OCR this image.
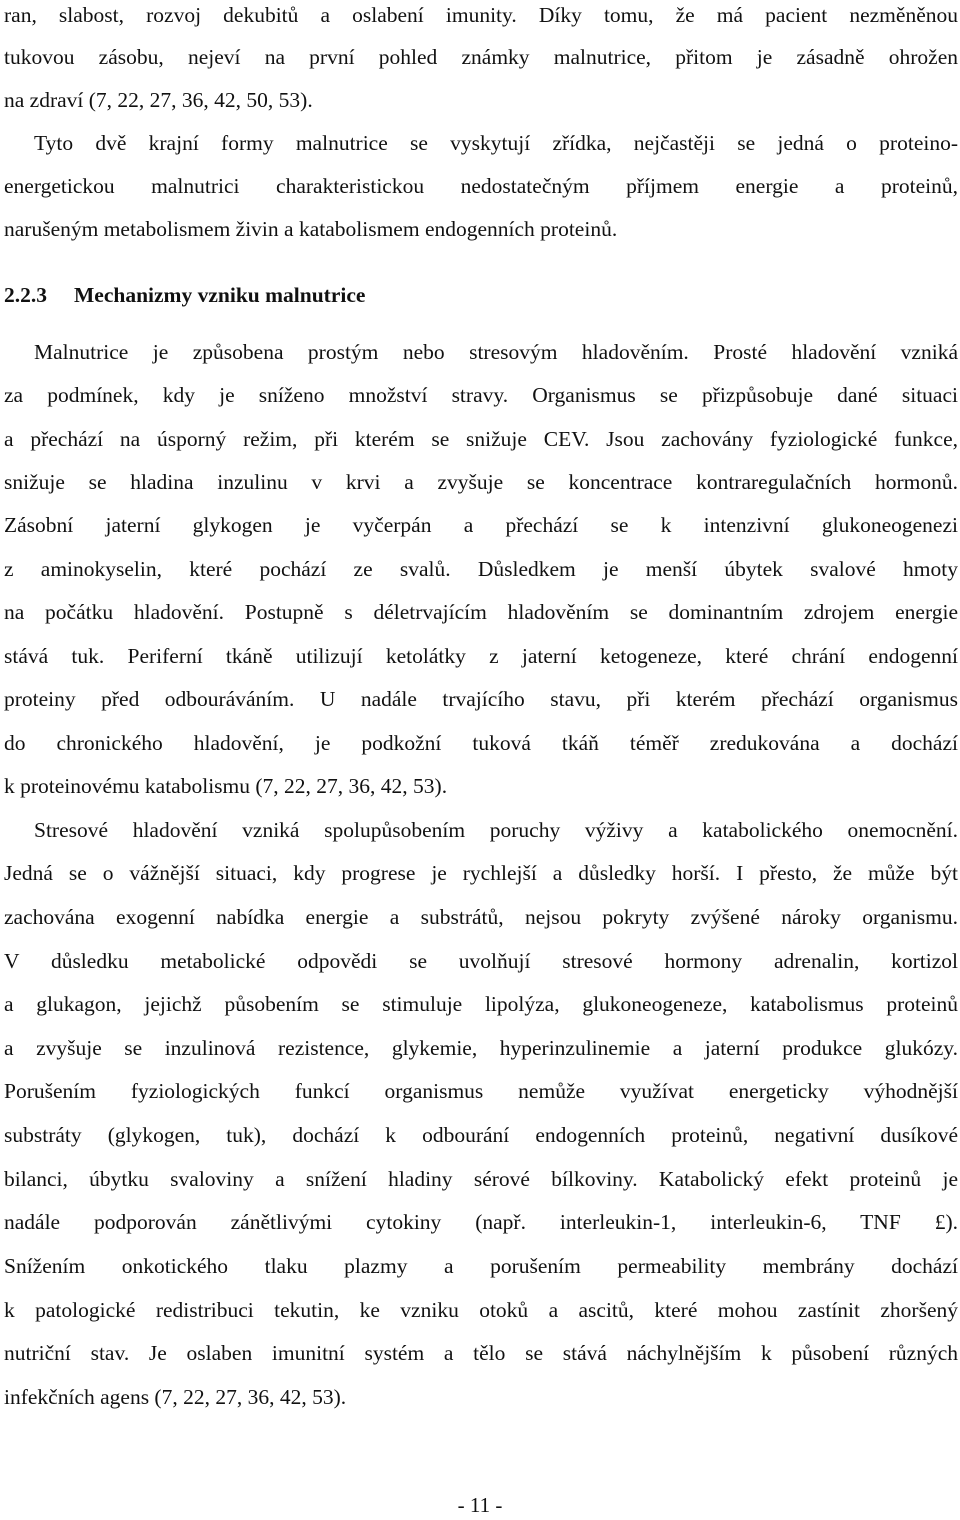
ran, slabost, rozvoj dekubitů a oslabení imunity. Díky tomu, že má pacient nezměněnou
tukovou zásobu, nejeví na první pohled známky malnutrice, přitom je zásadně ohrožen
na zdraví (7, 22, 27, 36, 42, 50, 53).
Tyto dvě krajní formy malnutrice se vyskytují zřídka, nejčastěji se jedná o proteino-
energetickou malnutrici charakteristickou nedostatečným příjmem energie a proteinů,
narušeným metabolismem živin a katabolismem endogenních proteinů.
2.2.3 Mechanizmy vzniku malnutrice
Malnutrice je způsobena prostým nebo stresovým hladověním. Prosté hladovění vzniká
za podmínek, kdy je sníženo množství stravy. Organismus se přizpůsobuje dané situaci
a přechází na úsporný režim, při kterém se snižuje CEV. Jsou zachovány fyziologické funkce,
snižuje se hladina inzulinu v krvi a zvyšuje se koncentrace kontraregulačních hormonů.
Zásobní jaterní glykogen je vyčerpán a přechází se k intenzivní glukoneogenezi
z aminokyselin, které pochází ze svalů. Důsledkem je menší úbytek svalové hmoty
na počátku hladovění. Postupně s déletrvajícím hladověním se dominantním zdrojem energie
stává tuk. Periferní tkáně utilizují ketolátky z jaterní ketogeneze, které chrání endogenní
proteiny před odbouráváním. U nadále trvajícího stavu, při kterém přechází organismus
do chronického hladovění, je podkožní tuková tkáň téměř zredukována a dochází
k proteinovému katabolismu (7, 22, 27, 36, 42, 53).
Stresové hladovění vzniká spolupůsobením poruchy výživy a katabolického onemocnění.
Jedná se o vážnější situaci, kdy progrese je rychlejší a důsledky horší. I přesto, že může být
zachována exogenní nabídka energie a substrátů, nejsou pokryty zvýšené nároky organismu.
V důsledku metabolické odpovědi se uvolňují stresové hormony adrenalin, kortizol
a glukagon, jejichž působením se stimuluje lipolýza, glukoneogeneze, katabolismus proteinů
a zvyšuje se inzulinová rezistence, glykemie, hyperinzulinemie a jaterní produkce glukózy.
Porušením fyziologických funkcí organismus nemůže využívat energeticky výhodnější
substráty (glykogen, tuk), dochází k odbourání endogenních proteinů, negativní dusíkové
bilanci, úbytku svaloviny a snížení hladiny sérové bílkoviny. Katabolický efekt proteinů je
nadále podporován zánětlivými cytokiny (např. interleukin-1, interleukin-6, TNF £).
Snížením onkotického tlaku plazmy a porušením permeability membrány dochází
k patologické redistribuci tekutin, ke vzniku otoků a ascitů, které mohou zastínit zhoršený
nutriční stav. Je oslaben imunitní systém a tělo se stává náchylnějším k působení různých
infekčních agens (7, 22, 27, 36, 42, 53).
- 11 -
